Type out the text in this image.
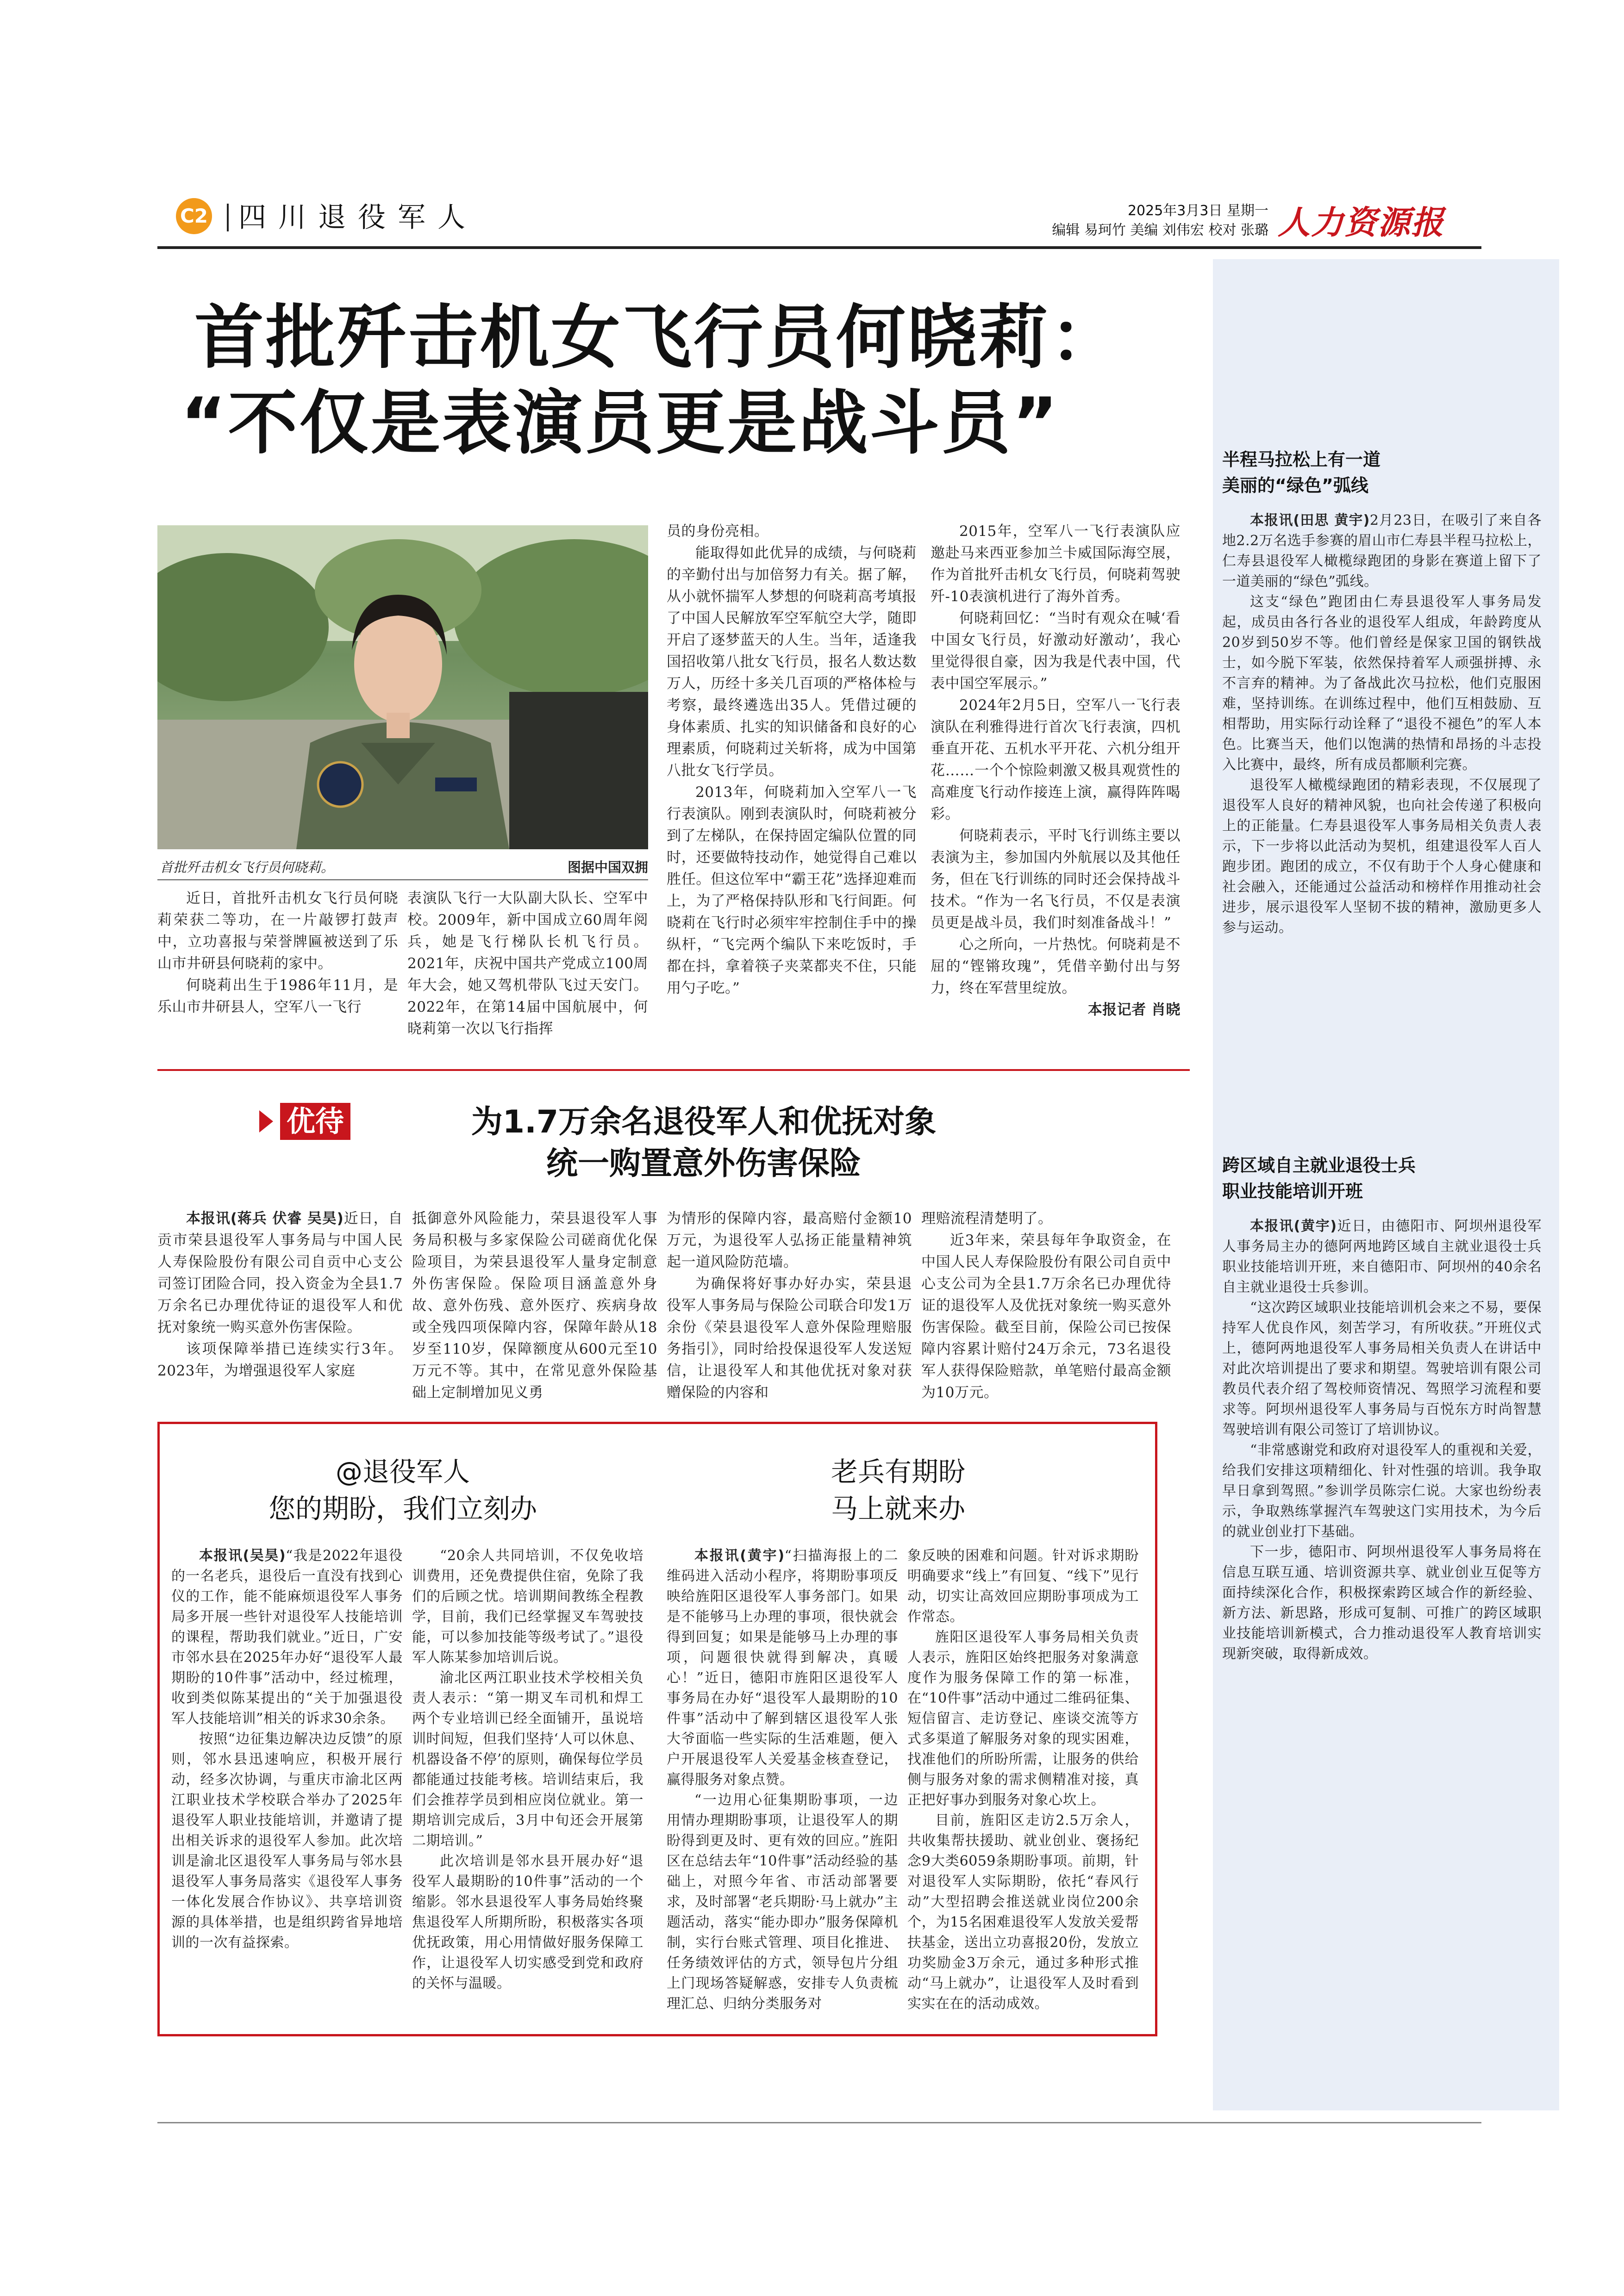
C2 四川退役军人	2025年3月3日 星期一
编辑 易珂竹 美编 刘伟宏 校对 张璐 人力资源报
首批歼击机女飞行员何晓莉：
“不仅是表演员更是战斗员”
首批歼击机女飞行员何晓莉。	图据中国双拥

近日，首批歼击机女飞行员何晓莉荣获二等功，在一片敲锣打鼓声中，立功喜报与荣誉牌匾被送到了乐山市井研县何晓莉的家中。

何晓莉出生于1986年11月，是乐山市井研县人，空军八一飞行

表演队飞行一大队副大队长、空军中校。2009年，新中国成立60周年阅兵，她是飞行梯队长机飞行员。2021年，庆祝中国共产党成立100周年大会，她又驾机带队飞过天安门。2022年，在第14届中国航展中，何晓莉第一次以飞行指挥

员的身份亮相。

能取得如此优异的成绩，与何晓莉的辛勤付出与加倍努力有关。据了解，从小就怀揣军人梦想的何晓莉高考填报了中国人民解放军空军航空大学，随即开启了逐梦蓝天的人生。当年，适逢我国招收第八批女飞行员，报名人数达数万人，历经十多关几百项的严格体检与考察，最终遴选出35人。凭借过硬的身体素质、扎实的知识储备和良好的心理素质，何晓莉过关斩将，成为中国第八批女飞行学员。

2013年，何晓莉加入空军八一飞行表演队。刚到表演队时，何晓莉被分到了左梯队，在保持固定编队位置的同时，还要做特技动作，她觉得自己难以胜任。但这位军中“霸王花”选择迎难而上，为了严格保持队形和飞行间距。何晓莉在飞行时必须牢牢控制住手中的操纵杆，“飞完两个编队下来吃饭时，手都在抖，拿着筷子夹菜都夹不住，只能用勺子吃。”

2015年，空军八一飞行表演队应邀赴马来西亚参加兰卡威国际海空展，作为首批歼击机女飞行员，何晓莉驾驶歼-10表演机进行了海外首秀。

何晓莉回忆：“当时有观众在喊‘看中国女飞行员，好激动好激动’，我心里觉得很自豪，因为我是代表中国，代表中国空军展示。”

2024年2月5日，空军八一飞行表演队在利雅得进行首次飞行表演，四机垂直开花、五机水平开花、六机分组开花……一个个惊险刺激又极具观赏性的高难度飞行动作接连上演，赢得阵阵喝彩。

何晓莉表示，平时飞行训练主要以表演为主，参加国内外航展以及其他任务，但在飞行训练的同时还会保持战斗技术。“作为一名飞行员，不仅是表演员更是战斗员，我们时刻准备战斗！”

心之所向，一片热忱。何晓莉是不屈的“铿锵玫瑰”，凭借辛勤付出与努力，终在军营里绽放。

本报记者 肖晓
优待	为1.7万余名退役军人和优抚对象
统一购置意外伤害保险

本报讯(蒋兵 伏睿 吴昊)近日，自贡市荣县退役军人事务局与中国人民人寿保险股份有限公司自贡中心支公司签订团险合同，投入资金为全县1.7万余名已办理优待证的退役军人和优抚对象统一购买意外伤害保险。

该项保障举措已连续实行3年。2023年，为增强退役军人家庭

抵御意外风险能力，荣县退役军人事务局积极与多家保险公司磋商优化保险项目，为荣县退役军人量身定制意外伤害保险。保险项目涵盖意外身故、意外伤残、意外医疗、疾病身故或全残四项保障内容，保障年龄从18岁至110岁，保障额度从600元至10万元不等。其中，在常见意外保险基础上定制增加见义勇

为情形的保障内容，最高赔付金额10万元，为退役军人弘扬正能量精神筑起一道风险防范墙。

为确保将好事办好办实，荣县退役军人事务局与保险公司联合印发1万余份《荣县退役军人意外保险理赔服务指引》，同时给投保退役军人发送短信，让退役军人和其他优抚对象对获赠保险的内容和

理赔流程清楚明了。

近3年来，荣县每年争取资金，在中国人民人寿保险股份有限公司自贡中心支公司为全县1.7万余名已办理优待证的退役军人及优抚对象统一购买意外伤害保险。截至目前，保险公司已按保障内容累计赔付24万余元，73名退役军人获得保险赔款，单笔赔付最高金额为10万元。

@退役军人
您的期盼，我们立刻办

本报讯(吴昊)“我是2022年退役的一名老兵，退役后一直没有找到心仪的工作，能不能麻烦退役军人事务局多开展一些针对退役军人技能培训的课程，帮助我们就业。”近日，广安市邻水县在2025年办好“退役军人最期盼的10件事”活动中，经过梳理，收到类似陈某提出的“关于加强退役军人技能培训”相关的诉求30余条。

按照“边征集边解决边反馈”的原则，邻水县迅速响应，积极开展行动，经多次协调，与重庆市渝北区两江职业技术学校联合举办了2025年退役军人职业技能培训，并邀请了提出相关诉求的退役军人参加。此次培训是渝北区退役军人事务局与邻水县退役军人事务局落实《退役军人事务一体化发展合作协议》、共享培训资源的具体举措，也是组织跨省异地培训的一次有益探索。

“20余人共同培训，不仅免收培训费用，还免费提供住宿，免除了我们的后顾之忧。培训期间教练全程教学，目前，我们已经掌握叉车驾驶技能，可以参加技能等级考试了。”退役军人陈某参加培训后说。

渝北区两江职业技术学校相关负责人表示：“第一期叉车司机和焊工两个专业培训已经全面铺开，虽说培训时间短，但我们坚持‘人可以休息、机器设备不停’的原则，确保每位学员都能通过技能考核。培训结束后，我们会推荐学员到相应岗位就业。第一期培训完成后，3月中旬还会开展第二期培训。”

此次培训是邻水县开展办好“退役军人最期盼的10件事”活动的一个缩影。邻水县退役军人事务局始终聚焦退役军人所期所盼，积极落实各项优抚政策，用心用情做好服务保障工作，让退役军人切实感受到党和政府的关怀与温暖。

老兵有期盼
马上就来办

本报讯(黄宇)“扫描海报上的二维码进入活动小程序，将期盼事项反映给旌阳区退役军人事务部门。如果是不能够马上办理的事项，很快就会得到回复；如果是能够马上办理的事项，问题很快就得到解决，真暖心！”近日，德阳市旌阳区退役军人事务局在办好“退役军人最期盼的10件事”活动中了解到辖区退役军人张大爷面临一些实际的生活难题，便入户开展退役军人关爱基金核查登记，赢得服务对象点赞。

“一边用心征集期盼事项，一边用情办理期盼事项，让退役军人的期盼得到更及时、更有效的回应。”旌阳区在总结去年“10件事”活动经验的基础上，对照今年省、市活动部署要求，及时部署“老兵期盼·马上就办”主题活动，落实“能办即办”服务保障机制，实行台账式管理、项目化推进、任务绩效评估的方式，领导包片分组上门现场答疑解惑，安排专人负责梳理汇总、归纳分类服务对

象反映的困难和问题。针对诉求期盼明确要求“线上”有回复、“线下”见行动，切实让高效回应期盼事项成为工作常态。

旌阳区退役军人事务局相关负责人表示，旌阳区始终把服务对象满意度作为服务保障工作的第一标准，在“10件事”活动中通过二维码征集、短信留言、走访登记、座谈交流等方式多渠道了解服务对象的现实困难，找准他们的所盼所需，让服务的供给侧与服务对象的需求侧精准对接，真正把好事办到服务对象心坎上。

目前，旌阳区走访2.5万余人，共收集帮扶援助、就业创业、褒扬纪念9大类6059条期盼事项。前期，针对退役军人实际期盼，依托“春风行动”大型招聘会推送就业岗位200余个，为15名困难退役军人发放关爱帮扶基金，送出立功喜报20份，发放立功奖励金3万余元，通过多种形式推动“马上就办”，让退役军人及时看到实实在在的活动成效。

半程马拉松上有一道
美丽的“绿色”弧线

本报讯(田思 黄宇)2月23日，在吸引了来自各地2.2万名选手参赛的眉山市仁寿县半程马拉松上，仁寿县退役军人橄榄绿跑团的身影在赛道上留下了一道美丽的“绿色”弧线。

这支“绿色”跑团由仁寿县退役军人事务局发起，成员由各行各业的退役军人组成，年龄跨度从20岁到50岁不等。他们曾经是保家卫国的钢铁战士，如今脱下军装，依然保持着军人顽强拼搏、永不言弃的精神。为了备战此次马拉松，他们克服困难，坚持训练。在训练过程中，他们互相鼓励、互相帮助，用实际行动诠释了“退役不褪色”的军人本色。比赛当天，他们以饱满的热情和昂扬的斗志投入比赛中，最终，所有成员都顺利完赛。

退役军人橄榄绿跑团的精彩表现，不仅展现了退役军人良好的精神风貌，也向社会传递了积极向上的正能量。仁寿县退役军人事务局相关负责人表示，下一步将以此活动为契机，组建退役军人百人跑步团。跑团的成立，不仅有助于个人身心健康和社会融入，还能通过公益活动和榜样作用推动社会进步，展示退役军人坚韧不拔的精神，激励更多人参与运动。

跨区域自主就业退役士兵
职业技能培训开班

本报讯(黄宇)近日，由德阳市、阿坝州退役军人事务局主办的德阿两地跨区域自主就业退役士兵职业技能培训开班，来自德阳市、阿坝州的40余名自主就业退役士兵参训。

“这次跨区域职业技能培训机会来之不易，要保持军人优良作风，刻苦学习，有所收获。”开班仪式上，德阿两地退役军人事务局相关负责人在讲话中对此次培训提出了要求和期望。驾驶培训有限公司教员代表介绍了驾校师资情况、驾照学习流程和要求等。阿坝州退役军人事务局与百悦东方时尚智慧驾驶培训有限公司签订了培训协议。

“非常感谢党和政府对退役军人的重视和关爱，给我们安排这项精细化、针对性强的培训。我争取早日拿到驾照。”参训学员陈宗仁说。大家也纷纷表示，争取熟练掌握汽车驾驶这门实用技术，为今后的就业创业打下基础。

下一步，德阳市、阿坝州退役军人事务局将在信息互联互通、培训资源共享、就业创业互促等方面持续深化合作，积极探索跨区域合作的新经验、新方法、新思路，形成可复制、可推广的跨区域职业技能培训新模式，合力推动退役军人教育培训实现新突破，取得新成效。
